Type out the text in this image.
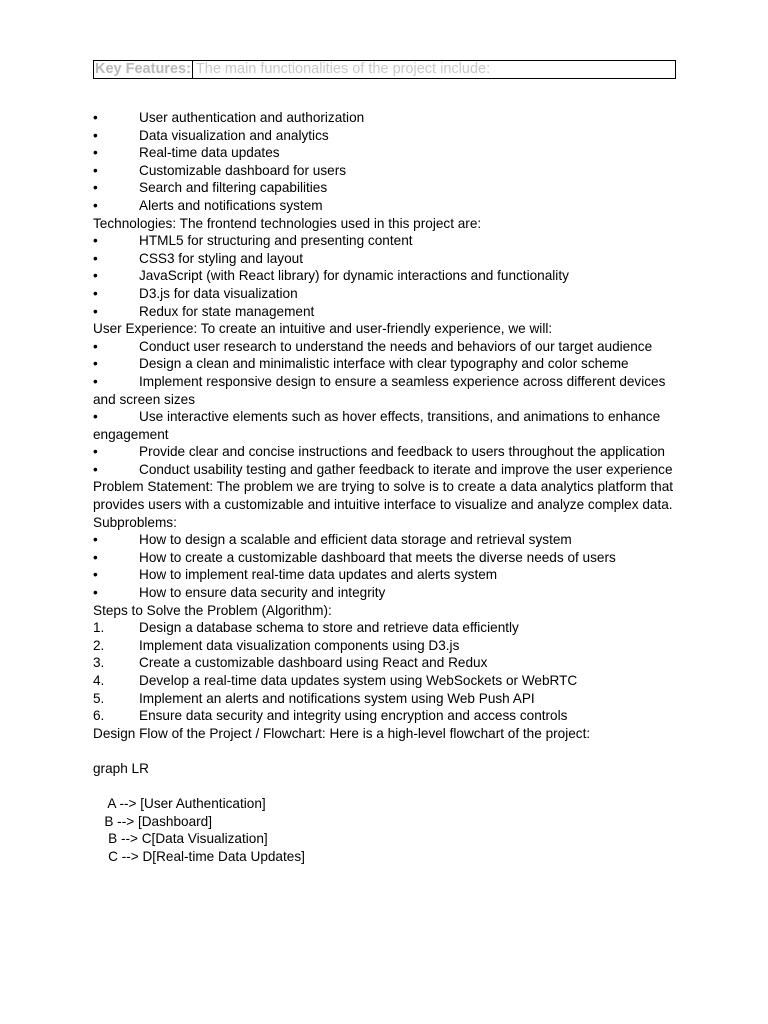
Key Features: The main functionalities of the project include:
•	User authentication and authorization
•	Data visualization and analytics
•	Real-time data updates
•	Customizable dashboard for users
•	Search and filtering capabilities
•	Alerts and notifications system
Technologies: The frontend technologies used in this project are:
•	HTML5 for structuring and presenting content
•	CSS3 for styling and layout
•	JavaScript (with React library) for dynamic interactions and functionality
•	D3.js for data visualization
•	Redux for state management
User Experience: To create an intuitive and user-friendly experience, we will:
•	Conduct user research to understand the needs and behaviors of our target audience
•	Design a clean and minimalistic interface with clear typography and color scheme
•	Implement responsive design to ensure a seamless experience across different devices and screen sizes
•	Use interactive elements such as hover effects, transitions, and animations to enhance engagement
•	Provide clear and concise instructions and feedback to users throughout the application
•	Conduct usability testing and gather feedback to iterate and improve the user experience
Problem Statement: The problem we are trying to solve is to create a data analytics platform that provides users with a customizable and intuitive interface to visualize and analyze complex data.
Subproblems:
•	How to design a scalable and efficient data storage and retrieval system
•	How to create a customizable dashboard that meets the diverse needs of users
•	How to implement real-time data updates and alerts system
•	How to ensure data security and integrity
Steps to Solve the Problem (Algorithm):
1.	Design a database schema to store and retrieve data efficiently
2.	Implement data visualization components using D3.js
3.	Create a customizable dashboard using React and Redux
4.	Develop a real-time data updates system using WebSockets or WebRTC
5.	Implement an alerts and notifications system using Web Push API
6.	Ensure data security and integrity using encryption and access controls
Design Flow of the Project / Flowchart: Here is a high-level flowchart of the project:
graph LR
A --> [User Authentication]
B --> [Dashboard]
B --> C[Data Visualization]
C --> D[Real-time Data Updates]
